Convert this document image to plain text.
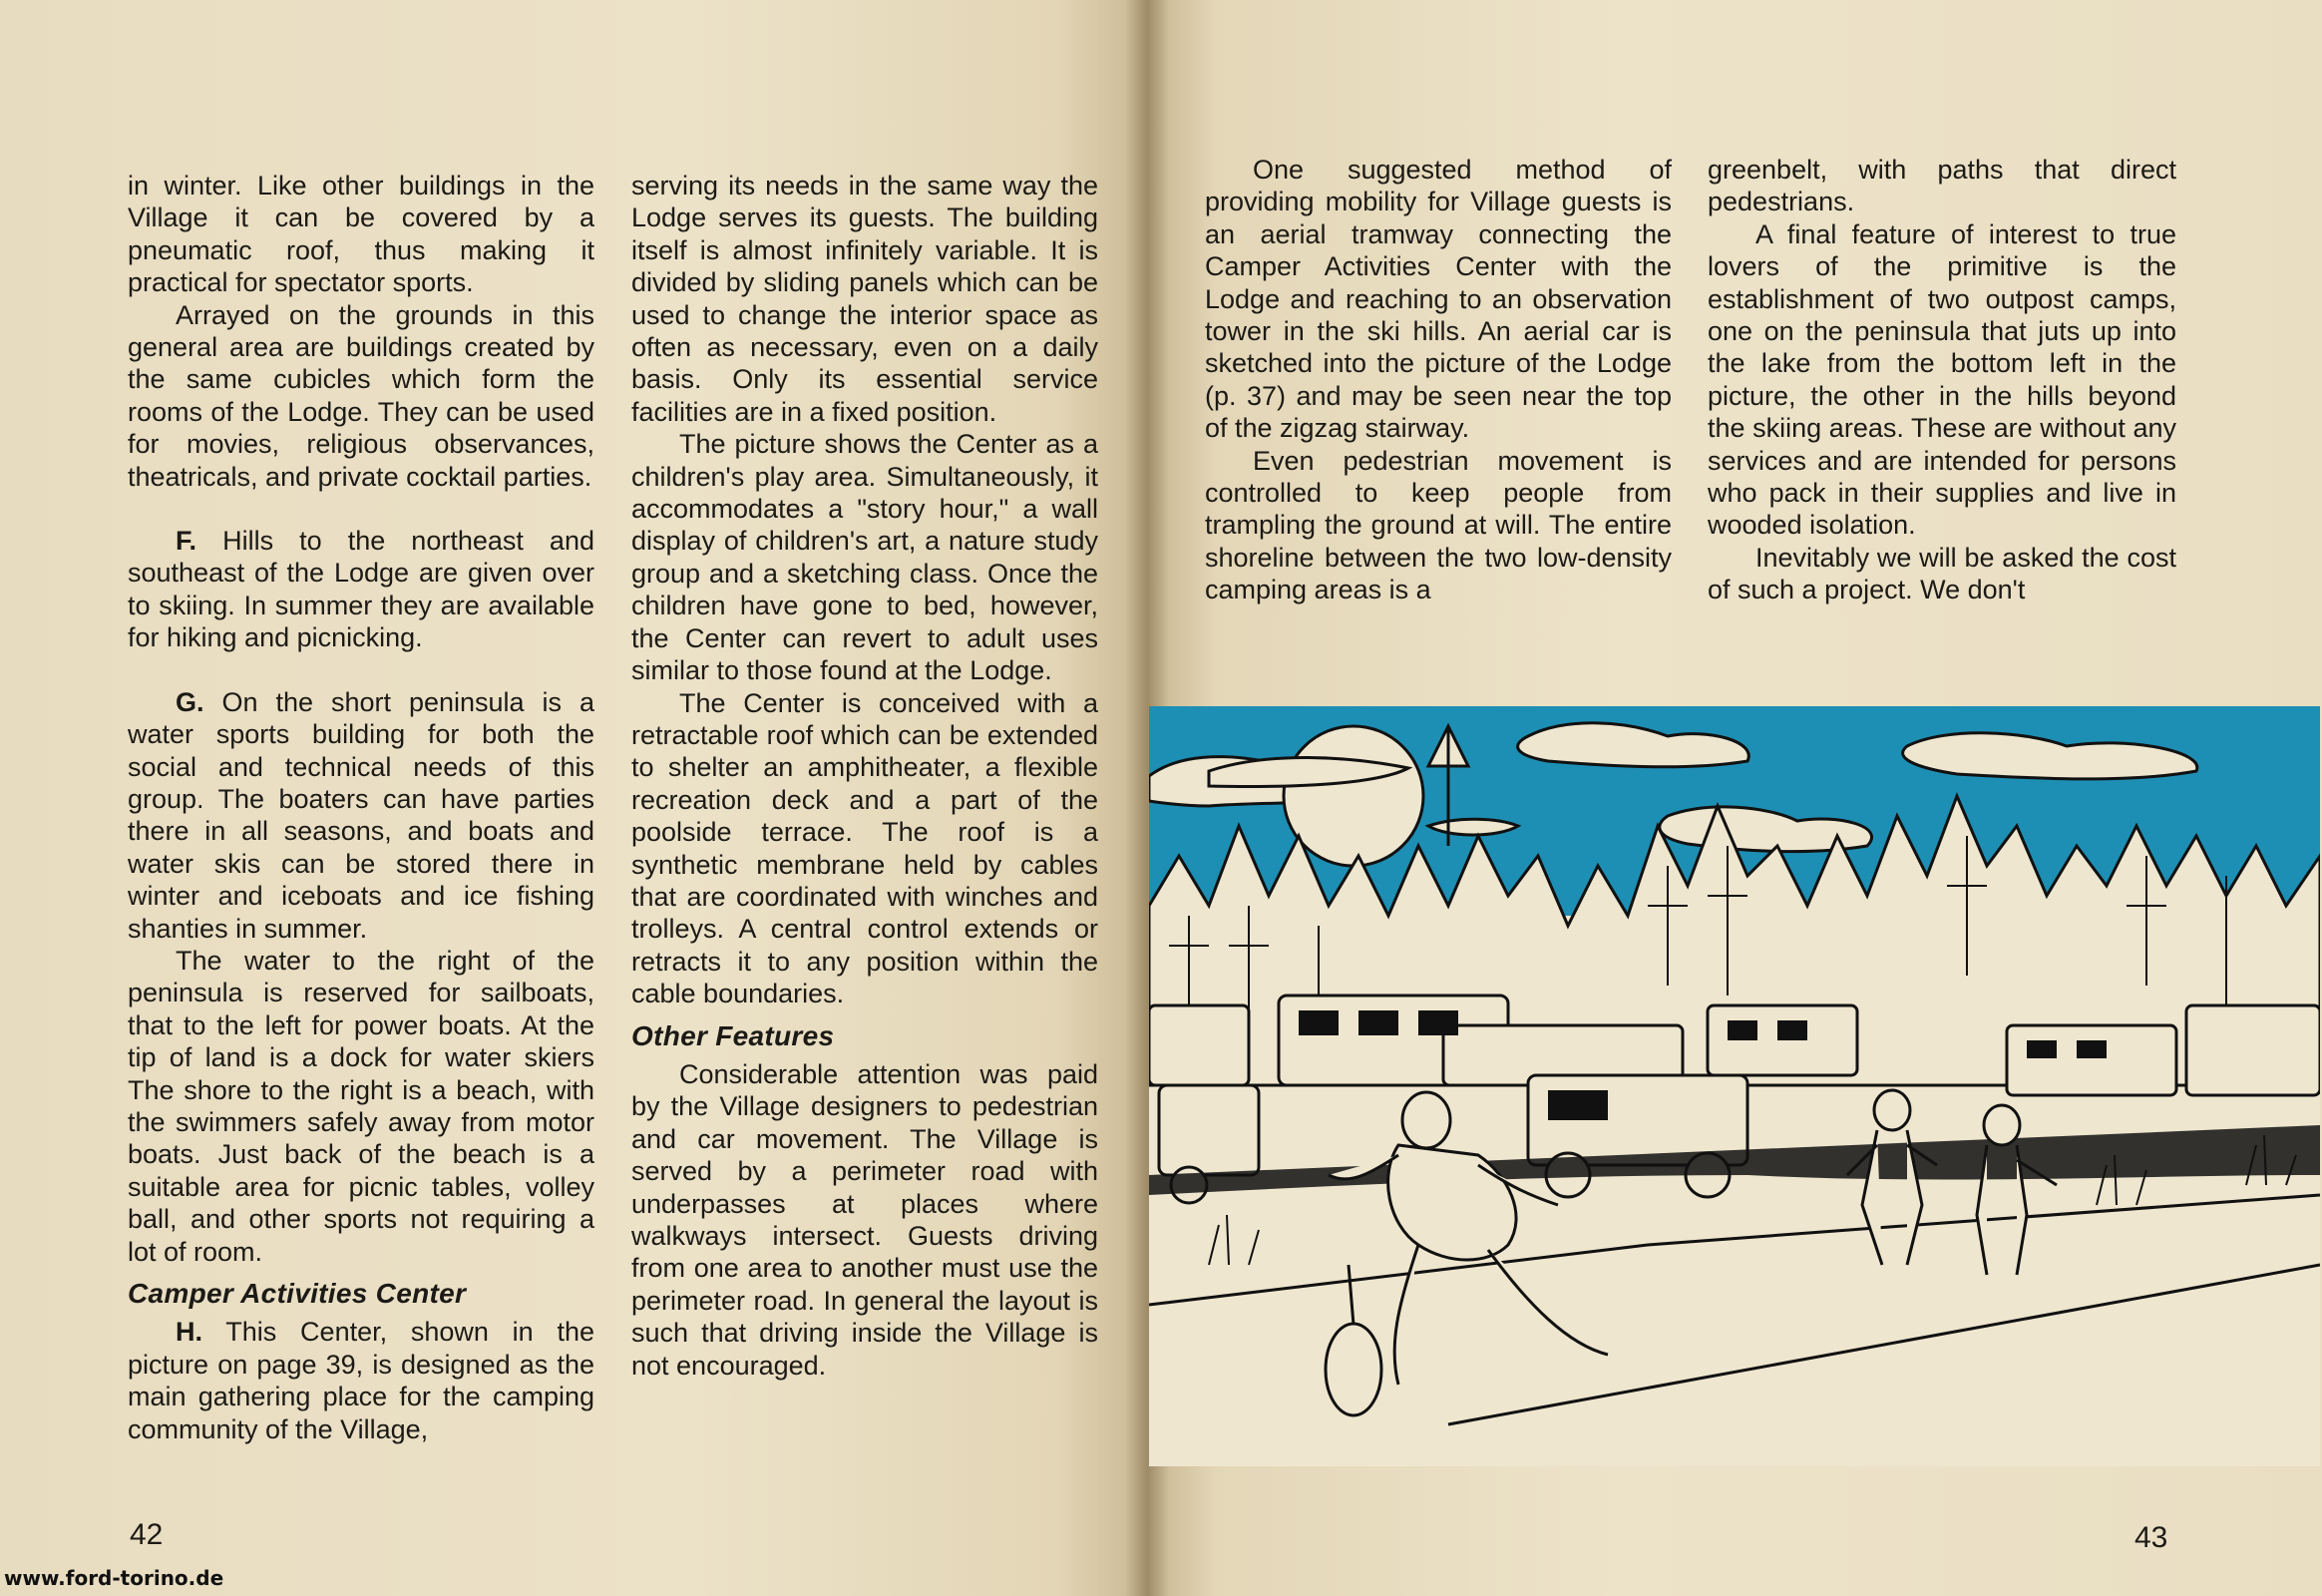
in winter. Like other buildings in the Village it can be covered by a pneumatic roof, thus making it practical for spectator sports.

Arrayed on the grounds in this general area are buildings created by the same cubicles which form the rooms of the Lodge. They can be used for movies, religious observances, theatricals, and private cocktail parties.

F. Hills to the northeast and southeast of the Lodge are given over to skiing. In summer they are available for hiking and picnicking.

G. On the short peninsula is a water sports building for both the social and technical needs of this group. The boaters can have parties there in all seasons, and boats and water skis can be stored there in winter and iceboats and ice fishing shanties in summer.

The water to the right of the peninsula is reserved for sailboats, that to the left for power boats. At the tip of land is a dock for water skiers The shore to the right is a beach, with the swimmers safely away from motor boats. Just back of the beach is a suitable area for picnic tables, volley ball, and other sports not requiring a lot of room.

Camper Activities Center

H. This Center, shown in the picture on page 39, is designed as the main gathering place for the camping community of the Village,

serving its needs in the same way the Lodge serves its guests. The building itself is almost infinitely variable. It is divided by sliding panels which can be used to change the interior space as often as necessary, even on a daily basis. Only its essential service facilities are in a fixed position.

The picture shows the Center as a children's play area. Simultaneously, it accommodates a "story hour," a wall display of children's art, a nature study group and a sketching class. Once the children have gone to bed, however, the Center can revert to adult uses similar to those found at the Lodge.

The Center is conceived with a retractable roof which can be extended to shelter an amphitheater, a flexible recreation deck and a part of the poolside terrace. The roof is a synthetic membrane held by cables that are coordinated with winches and trolleys. A central control extends or retracts it to any position within the cable boundaries.

Other Features

Considerable attention was paid by the Village designers to pedestrian and car movement. The Village is served by a perimeter road with underpasses at places where walkways intersect. Guests driving from one area to another must use the perimeter road. In general the layout is such that driving inside the Village is not encouraged.

42

One suggested method of providing mobility for Village guests is an aerial tramway connecting the Camper Activities Center with the Lodge and reaching to an observation tower in the ski hills. An aerial car is sketched into the picture of the Lodge (p. 37) and may be seen near the top of the zigzag stairway.

Even pedestrian movement is controlled to keep people from trampling the ground at will. The entire shoreline between the two low-density camping areas is a

greenbelt, with paths that direct pedestrians.

A final feature of interest to true lovers of the primitive is the establishment of two outpost camps, one on the peninsula that juts up into the lake from the bottom left in the picture, the other in the hills beyond the skiing areas. These are without any services and are intended for persons who pack in their supplies and live in wooded isolation.

Inevitably we will be asked the cost of such a project. We don't

43
www.ford-torino.de
